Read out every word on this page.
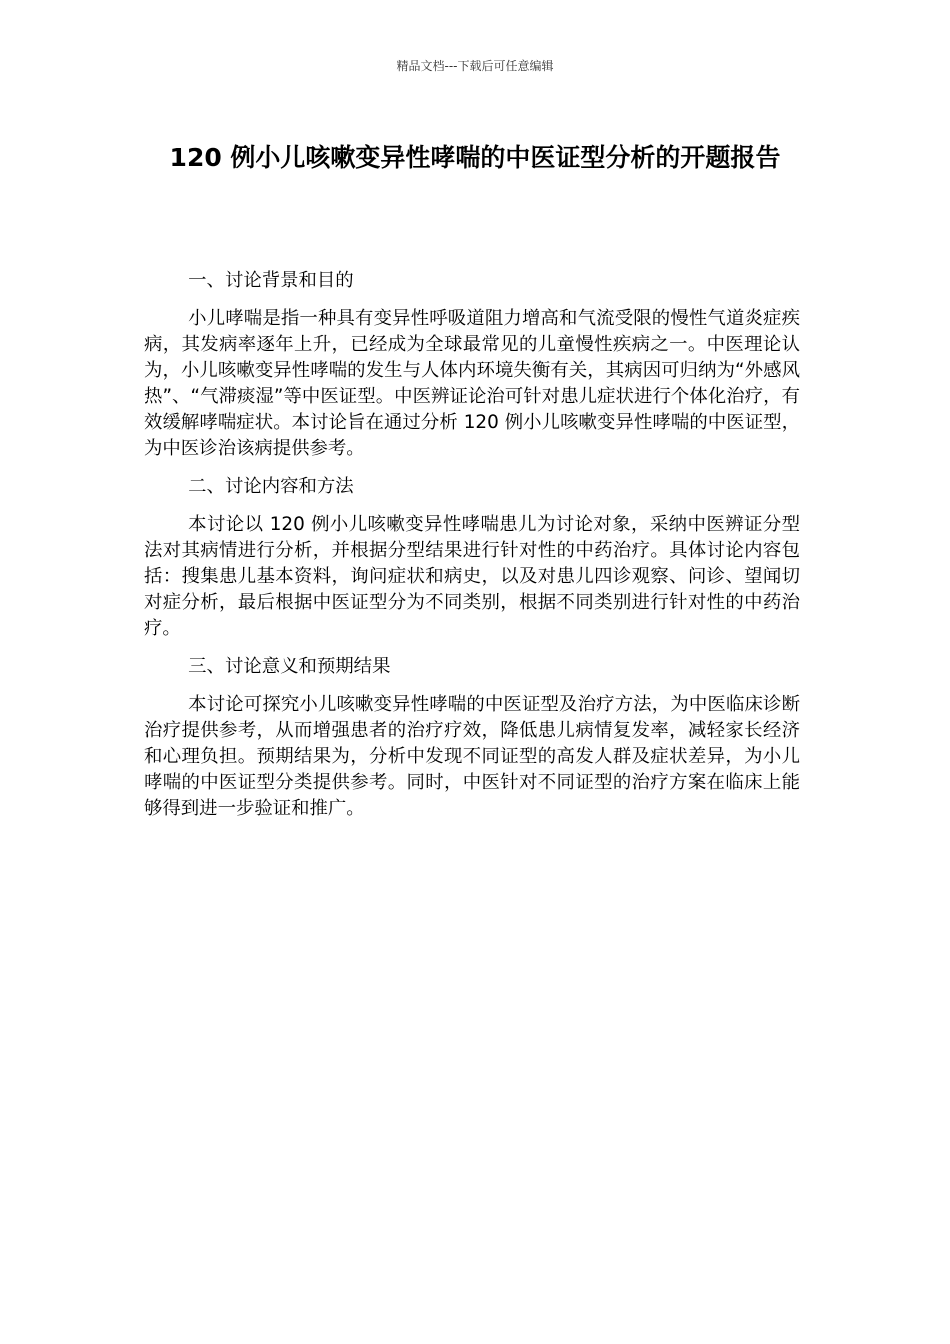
精品文档---下载后可任意编辑
120 例小儿咳嗽变异性哮喘的中医证型分析的开题报告

一、讨论背景和目的

小儿哮喘是指一种具有变异性呼吸道阻力增高和气流受限的慢性气道炎症疾病，其发病率逐年上升，已经成为全球最常见的儿童慢性疾病之一。中医理论认为，小儿咳嗽变异性哮喘的发生与人体内环境失衡有关，其病因可归纳为“外感风热”、“气滞痰湿”等中医证型。中医辨证论治可针对患儿症状进行个体化治疗，有效缓解哮喘症状。本讨论旨在通过分析 120 例小儿咳嗽变异性哮喘的中医证型，为中医诊治该病提供参考。

二、讨论内容和方法

本讨论以 120 例小儿咳嗽变异性哮喘患儿为讨论对象，采纳中医辨证分型法对其病情进行分析，并根据分型结果进行针对性的中药治疗。具体讨论内容包括：搜集患儿基本资料，询问症状和病史，以及对患儿四诊观察、问诊、望闻切对症分析，最后根据中医证型分为不同类别，根据不同类别进行针对性的中药治疗。

三、讨论意义和预期结果

本讨论可探究小儿咳嗽变异性哮喘的中医证型及治疗方法，为中医临床诊断治疗提供参考，从而增强患者的治疗疗效，降低患儿病情复发率，减轻家长经济和心理负担。预期结果为，分析中发现不同证型的高发人群及症状差异，为小儿哮喘的中医证型分类提供参考。同时，中医针对不同证型的治疗方案在临床上能够得到进一步验证和推广。
